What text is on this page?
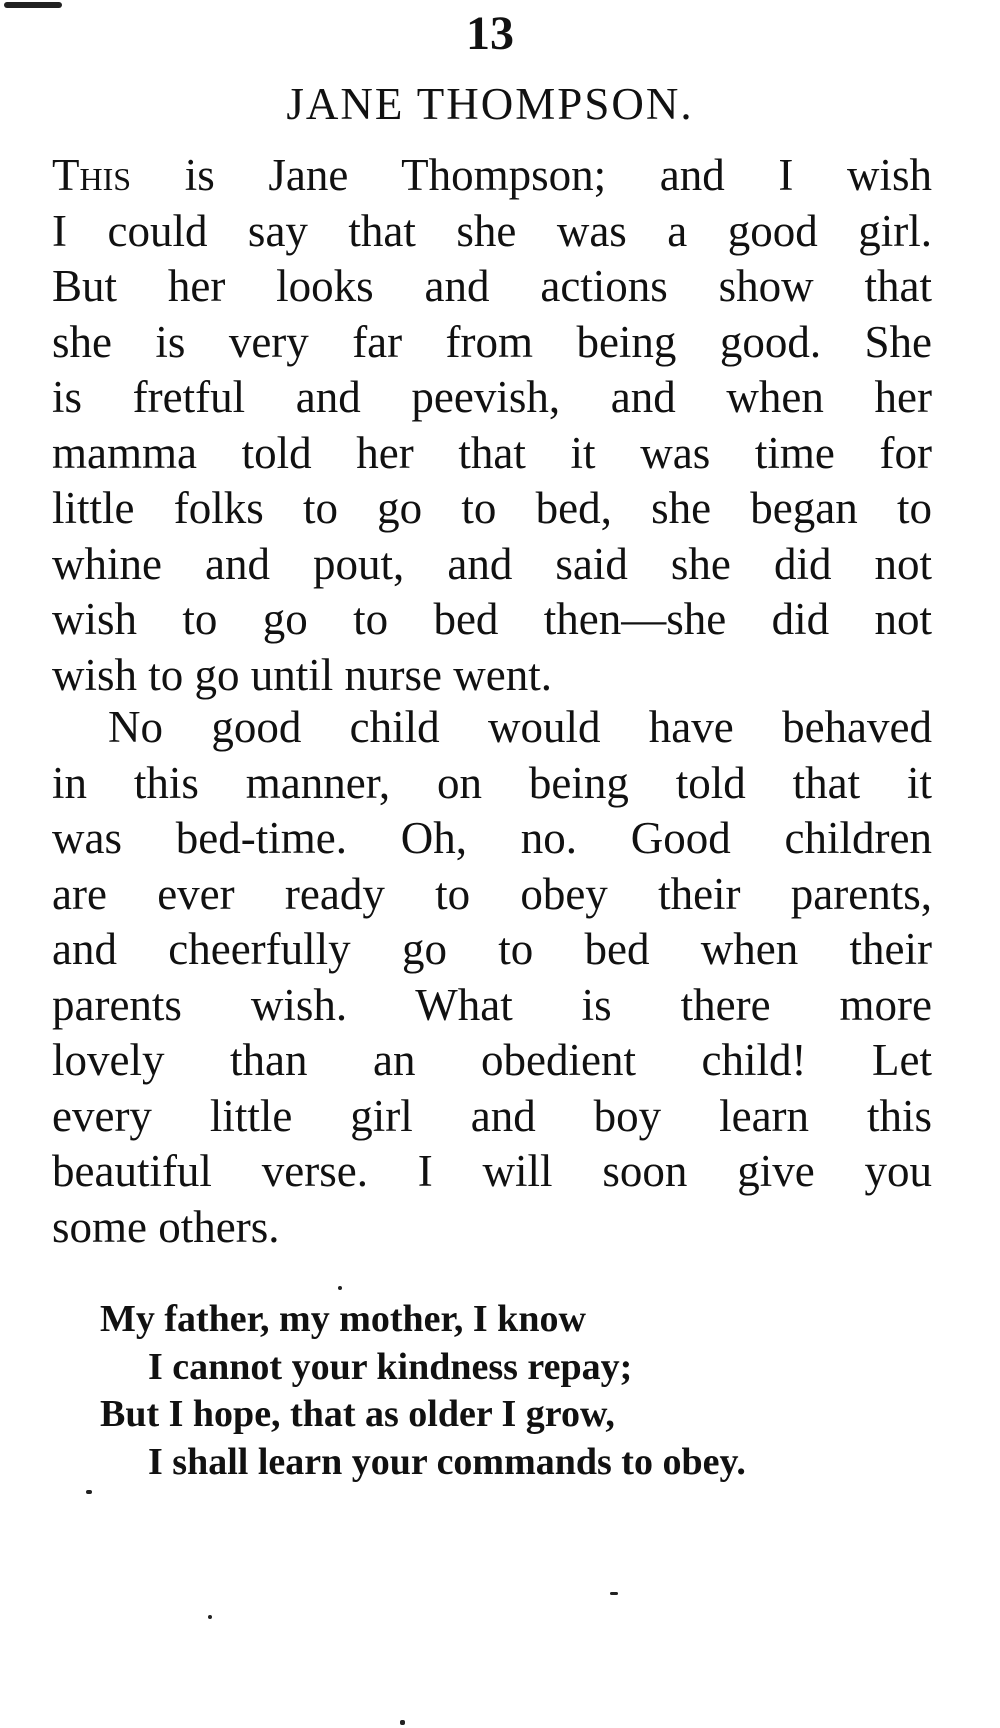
13
JANE THOMPSON.
This is Jane Thompson; and I wish
I could say that she was a good girl.
But her looks and actions show that
she is very far from being good. She
is fretful and peevish, and when her
mamma told her that it was time for
little folks to go to bed, she began to
whine and pout, and said she did not
wish to go to bed then—she did not
wish to go until nurse went.
No good child would have behaved
in this manner, on being told that it
was bed-time. Oh, no. Good children
are ever ready to obey their parents,
and cheerfully go to bed when their
parents wish. What is there more
lovely than an obedient child! Let
every little girl and boy learn this
beautiful verse. I will soon give you
some others.
My father, my mother, I know
I cannot your kindness repay;
But I hope, that as older I grow,
I shall learn your commands to obey.
